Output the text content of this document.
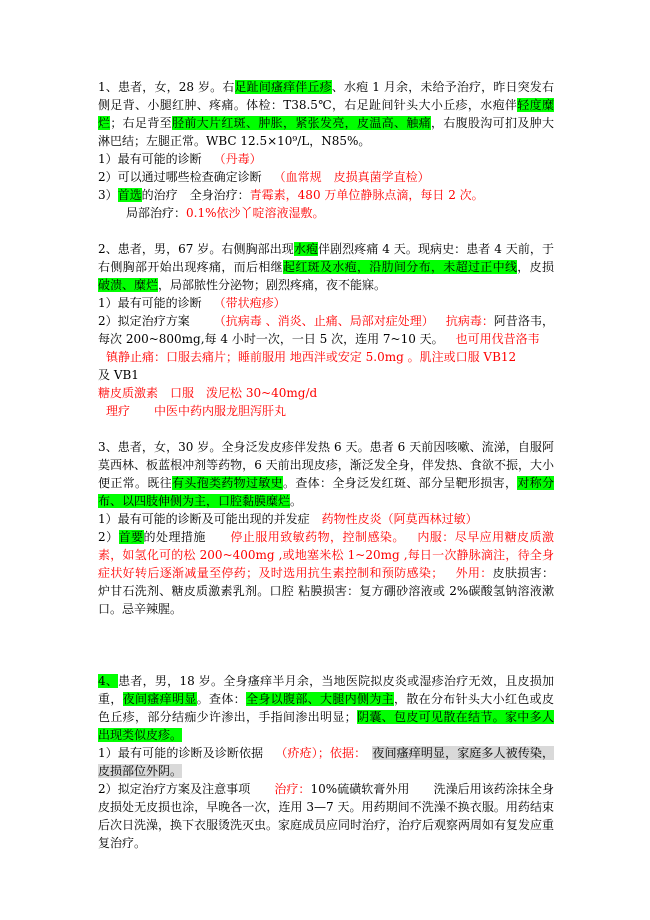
1、患者，女，28 岁。右足趾间瘙痒伴丘疹、水疱 1 月余，未给予治疗，昨日突发右侧足背、小腿红肿、疼痛。体检：T38.5℃，右足趾间针头大小丘疹，水疱伴轻度糜烂；右足背至胫前大片红斑、肿胀，紧张发亮，皮温高、触痛，右腹股沟可扪及肿大淋巴结；左腿正常。WBC 12.5×10⁹/L，N85%。

1）最有可能的诊断  （丹毒）

2）可以通过哪些检查确定诊断  （血常规　皮损真菌学直检）

3）首选的治疗　全身治疗：青霉素，480 万单位静脉点滴，每日 2 次。

局部治疗：0.1%依沙丫啶溶液湿敷。

2、患者，男，67 岁。右侧胸部出现水疱伴剧烈疼痛 4 天。现病史：患者 4 天前，于右侧胸部开始出现疼痛，而后相继起红斑及水疱，沿肋间分布，未超过正中线，皮损破溃、糜烂，局部脓性分泌物；剧烈疼痛，夜不能寐。

1）最有可能的诊断  （带状疱疹）

2）拟定治疗方案   （抗病毒 、消炎、止痛、局部对症处理）  抗病毒：阿昔洛韦，每次 200~800mg,每 4 小时一次，一日 5 次，连用 7~10 天。  也可用伐昔洛韦

镇静止痛：口服去痛片；睡前服用 地西泮或安定 5.0mg 。肌注或口服 VB12

及 VB1

糖皮质激素　口服　泼尼松 30~40mg/d

理疗　　中医中药内服龙胆泻肝丸

3、患者，女，30 岁。全身泛发皮疹伴发热 6 天。患者 6 天前因咳嗽、流涕，自服阿莫西林、板蓝根冲剂等药物，6 天前出现皮疹，渐泛发全身，伴发热、食欲不振，大小便正常。既往有头孢类药物过敏史。查体：全身泛发红斑、部分呈靶形损害，对称分布、以四肢伸侧为主，口腔黏膜糜烂。

1）最有可能的诊断及可能出现的并发症  药物性皮炎（阿莫西林过敏）

2）首要的处理措施   停止服用致敏药物，控制感染。  内服：尽早应用糖皮质激素，如氢化可的松 200~400mg ,或地塞米松 1~20mg ,每日一次静脉滴注，待全身症状好转后逐渐减量至停药；及时选用抗生素控制和预防感染；  外用：皮肤损害：炉甘石洗剂、糖皮质激素乳剂。口腔 粘膜损害：复方硼砂溶液或 2%碳酸氢钠溶液漱口。忌辛辣腥。

4、患者，男，18 岁。全身瘙痒半月余，当地医院拟皮炎或湿疹治疗无效，且皮损加重，夜间瘙痒明显。查体：全身以腹部、大腿内侧为主，散在分布针头大小红色或皮色丘疹，部分结痂少许渗出，手指间渗出明显；阴囊、包皮可见散在结节。家中多人出现类似皮疹。

1）最有可能的诊断及诊断依据  （疥疮）；依据：  夜间瘙痒明显，家庭多人被传染，皮损部位外阴。

2）拟定治疗方案及注意事项   治疗：10%硫磺软膏外用　　洗澡后用该药涂抹全身皮损处无皮损也涂，早晚各一次，连用 3—7 天。用药期间不洗澡不换衣服。用药结束后次日洗澡，换下衣服烫洗灭虫。家庭成员应同时治疗，治疗后观察两周如有复发应重复治疗。
